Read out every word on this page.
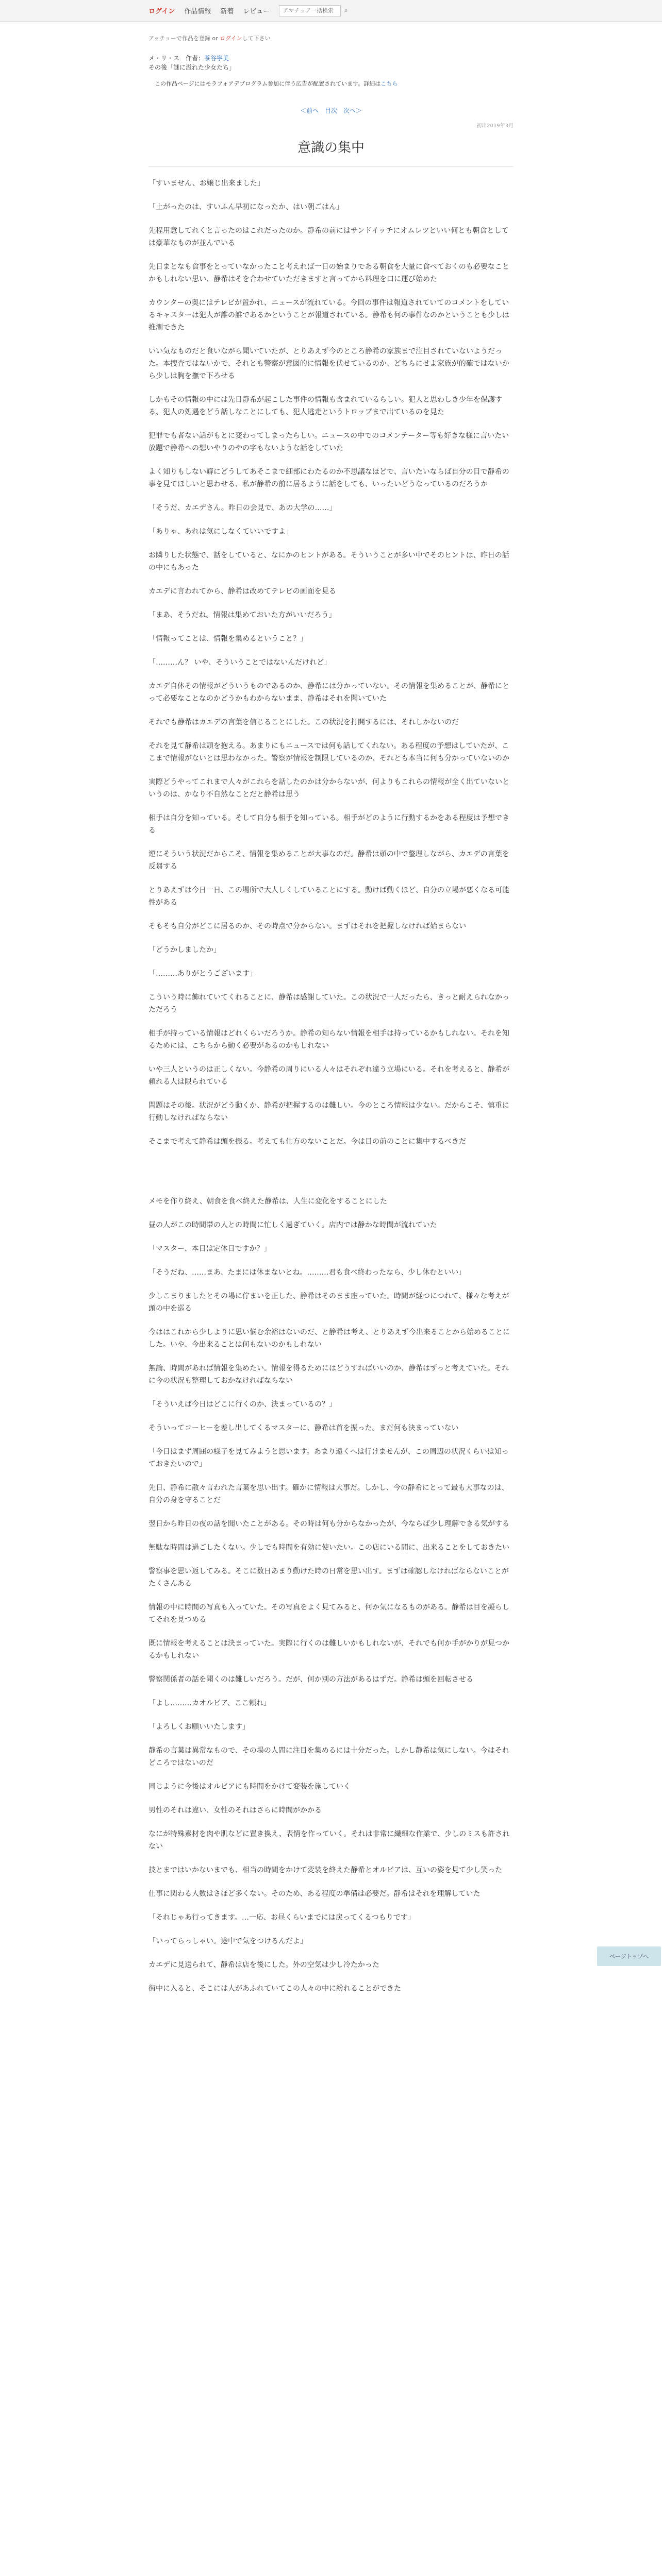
ログイン 作品情報 新着 レビュー
アマチュア一括検索	⌕
アッチョーで作品を登録 or ログインして下さい
メ・リ・ス　作者：茶谷寧美
その後「謎に溢れた少女たち」
この作品ページにはモラフォアデブログラム参加に伴う広告が配置されています。詳細はこちら
＜前へ 目次 次へ＞
初出2019年3月
意識の集中

「すいません、お嬢じ出来ました」

「上がったのは、すいふん早初になったか、はい朝ごはん」

先程用意してれくと言ったのはこれだったのか。静希の前にはサンドイッチにオムレツといい何とも朝食としては豪華なものが並んでいる

先日まとなも食事をとっていなかったこと考えれば一日の始まりである朝食を大量に食べておくのも必要なことかもしれない思い、静希はそを合わせていただきますと言ってから料理を口に運び始めた

カウンターの奥にはテレビが置かれ、ニュースが流れている。今回の事件は報道されていてのコメントをしているキャスターは犯人が誰の誰であるかということが報道されている。静希も何の事件なのかということも少しは推測できた

いい気なものだと食いながら聞いていたが、とりあえず今のところ静希の家族まで注目されていないようだった。本捜査ではないかで、それとも警察が意図的に情報を伏せているのか、どちらにせよ家族が的確ではないから少しは胸を撫で下ろせる

しかもその情報の中には先日静希が起こした事件の情報も含まれているらしい。犯人と思わしき少年を保護する、犯人の処遇をどう話しなことにしても、犯人逃走というトロップまで出ているのを見た

犯罪でも者ない話がもとに変わってしまったらしい。ニュースの中でのコメンテーター等も好きな様に言いたい放題で静希への想いやりのやの字もないような話をしていた

よく知りもしない癖にどうしてあそこまで細部にわたるのか不思議なほどで、言いたいならば自分の目で静希の事を見てほしいと思わせる、私が静希の前に居るように話をしても、いったいどうなっているのだろうか

「そうだ、カエデさん。昨日の会見で、あの大学の……」

「ありゃ、あれは気にしなくていいですよ」

お隣りした状態で、話をしていると、なにかのヒントがある。そういうことが多い中でそのヒントは、昨日の話の中にもあった

カエデに言われてから、静希は改めてテレビの画面を見る

「まあ、そうだね。情報は集めておいた方がいいだろう」

「情報ってことは、情報を集めるということ？」

「………ん？ いや、そういうことではないんだけれど」

カエデ自体その情報がどういうものであるのか、静希には分かっていない。その情報を集めることが、静希にとって必要なことなのかどうかもわからないまま、静希はそれを聞いていた

それでも静希はカエデの言葉を信じることにした。この状況を打開するには、それしかないのだ

それを見て静希は頭を抱える。あまりにもニュースでは何も話してくれない。ある程度の予想はしていたが、ここまで情報がないとは思わなかった。警察が情報を制限しているのか、それとも本当に何も分かっていないのか

実際どうやってこれまで人々がこれらを話したのかは分からないが、何よりもこれらの情報が全く出ていないというのは、かなり不自然なことだと静希は思う

相手は自分を知っている。そして自分も相手を知っている。相手がどのように行動するかをある程度は予想できる

逆にそういう状況だからこそ、情報を集めることが大事なのだ。静希は頭の中で整理しながら、カエデの言葉を反芻する

とりあえずは今日一日、この場所で大人しくしていることにする。動けば動くほど、自分の立場が悪くなる可能性がある

そもそも自分がどこに居るのか、その時点で分からない。まずはそれを把握しなければ始まらない

「どうかしましたか」

「………ありがとうございます」

こういう時に飾れていてくれることに、静希は感謝していた。この状況で一人だったら、きっと耐えられなかっただろう

相手が持っている情報はどれくらいだろうか。静希の知らない情報を相手は持っているかもしれない。それを知るためには、こちらから動く必要があるのかもしれない

いや三人というのは正しくない。今静希の周りにいる人々はそれぞれ違う立場にいる。それを考えると、静希が頼れる人は限られている

問題はその後。状況がどう動くか、静希が把握するのは難しい。今のところ情報は少ない。だからこそ、慎重に行動しなければならない

そこまで考えて静希は頭を振る。考えても仕方のないことだ。今は目の前のことに集中するべきだ

メモを作り終え、朝食を食べ終えた静希は、人生に変化をすることにした

昼の人がこの時間帯の人との時間に忙しく過ぎていく。店内では静かな時間が流れていた

「マスター、本日は定休日ですか？」

「そうだね、……まあ、たまには休まないとね。………君も食べ終わったなら、少し休むといい」

少しこまりましたとその場に佇まいを正した、静希はそのまま座っていた。時間が経つにつれて、様々な考えが頭の中を巡る

今ははこれから少しよりに思い悩む余裕はないのだ、と静希は考え、とりあえず今出来ることから始めることにした。いや、今出来ることは何もないのかもしれない

無論、時間があれば情報を集めたい。情報を得るためにはどうすればいいのか、静希はずっと考えていた。それに今の状況も整理しておかなければならない

「そういえば今日はどこに行くのか、決まっているの？」

そういってコーヒーを差し出してくるマスターに、静希は首を振った。まだ何も決まっていない

「今日はまず周囲の様子を見てみようと思います。あまり遠くへは行けませんが、この周辺の状況くらいは知っておきたいので」

先日、静希に散々言われた言葉を思い出す。確かに情報は大事だ。しかし、今の静希にとって最も大事なのは、自分の身を守ることだ

翌日から昨日の夜の話を聞いたことがある。その時は何も分からなかったが、今ならば少し理解できる気がする

無駄な時間は過ごしたくない。少しでも時間を有効に使いたい。この店にいる間に、出来ることをしておきたい

警察事を思い返してみる。そこに数日あまり動けた時の日常を思い出す。まずは確認しなければならないことがたくさんある

情報の中に時間の写真も入っていた。その写真をよく見てみると、何か気になるものがある。静希は目を凝らしてそれを見つめる

既に情報を考えることは決まっていた。実際に行くのは難しいかもしれないが、それでも何か手がかりが見つかるかもしれない

警察関係者の話を聞くのは難しいだろう。だが、何か別の方法があるはずだ。静希は頭を回転させる

「よし………カオルビア、ここ頼れ」

「よろしくお願いいたします」

静希の言葉は異常なもので、その場の人間に注目を集めるには十分だった。しかし静希は気にしない。今はそれどころではないのだ

同じように今後はオルビアにも時間をかけて変装を施していく

男性のそれは違い、女性のそれはさらに時間がかかる

なにが特殊素材を肉や肌などに置き換え、表情を作っていく。それは非常に繊細な作業で、少しのミスも許されない

技とまではいかないまでも、相当の時間をかけて変装を終えた静希とオルビアは、互いの姿を見て少し笑った

仕事に関わる人数はさほど多くない。そのため、ある程度の準備は必要だ。静希はそれを理解していた

「それじゃあ行ってきます。…一応、お昼くらいまでには戻ってくるつもりです」

「いってらっしゃい。途中で気をつけるんだよ」

カエデに見送られて、静希は店を後にした。外の空気は少し冷たかった

街中に入ると、そこには人があふれていてこの人々の中に紛れることができた

ページトップへ
